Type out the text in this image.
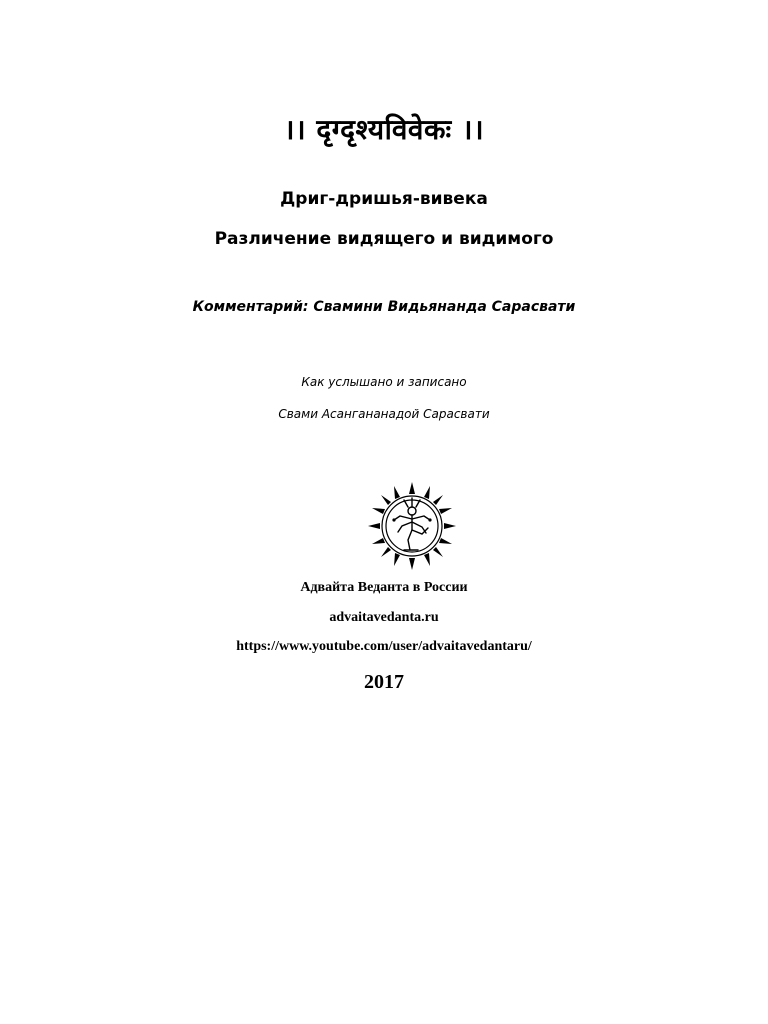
।। दृग्दृश्यविवेकः ।।
Дриг-дришья-вивека
Различение видящего и видимого
Комментарий: Свамини Видьянанда Сарасвати
Как услышано и записано
Свами Асангананадой Сарасвати
Адвайта Веданта в России
advaitavedanta.ru
https://www.youtube.com/user/advaitavedantaru/
2017
